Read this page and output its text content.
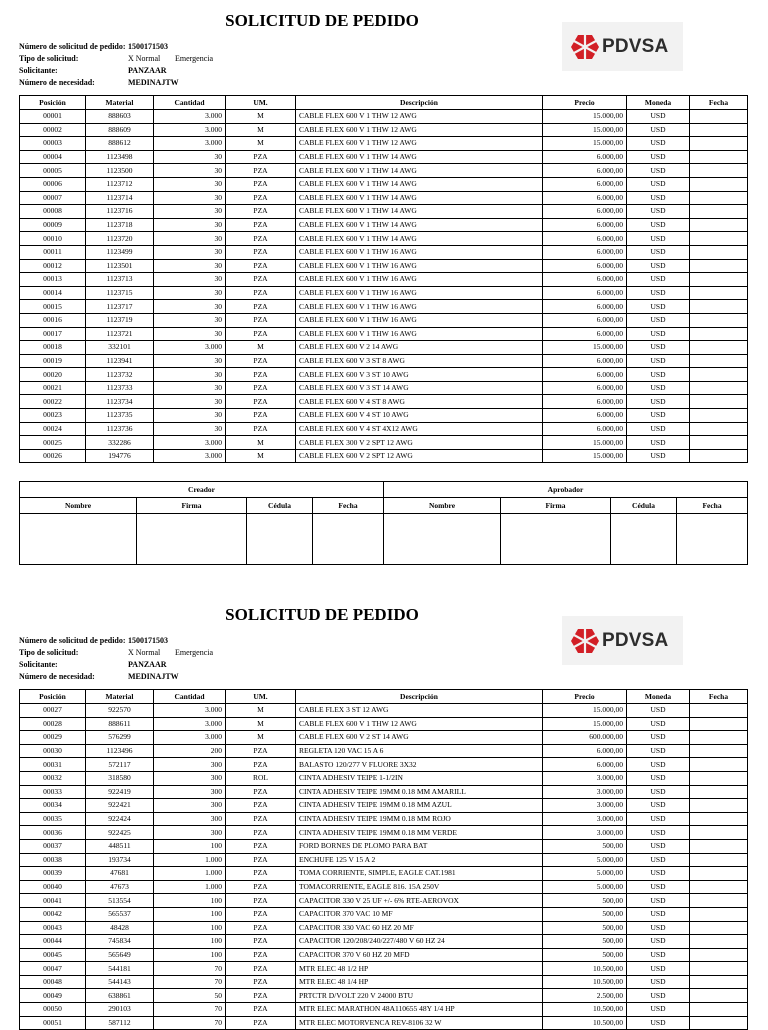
SOLICITUD DE PEDIDO
PDVSA
Número de solicitud de pedido: 1500171503
Tipo de solicitud:	X Normal Emergencia
Solicitante:	PANZAAR
Número de necesidad:	MEDINAJTW
Posición	Material	Cantidad	UM.	Descripción	Precio	Moneda	Fecha
00001	888603	3.000	M	CABLE FLEX 600 V 1 THW 12 AWG	15.000,00	USD	
00002	888609	3.000	M	CABLE FLEX 600 V 1 THW 12 AWG	15.000,00	USD	
00003	888612	3.000	M	CABLE FLEX 600 V 1 THW 12 AWG	15.000,00	USD	
00004	1123498	30	PZA	CABLE FLEX 600 V 1 THW 14 AWG	6.000,00	USD	
00005	1123500	30	PZA	CABLE FLEX 600 V 1 THW 14 AWG	6.000,00	USD	
00006	1123712	30	PZA	CABLE FLEX 600 V 1 THW 14 AWG	6.000,00	USD	
00007	1123714	30	PZA	CABLE FLEX 600 V 1 THW 14 AWG	6.000,00	USD	
00008	1123716	30	PZA	CABLE FLEX 600 V 1 THW 14 AWG	6.000,00	USD	
00009	1123718	30	PZA	CABLE FLEX 600 V 1 THW 14 AWG	6.000,00	USD	
00010	1123720	30	PZA	CABLE FLEX 600 V 1 THW 14 AWG	6.000,00	USD	
00011	1123499	30	PZA	CABLE FLEX 600 V 1 THW 16 AWG	6.000,00	USD	
00012	1123501	30	PZA	CABLE FLEX 600 V 1 THW 16 AWG	6.000,00	USD	
00013	1123713	30	PZA	CABLE FLEX 600 V 1 THW 16 AWG	6.000,00	USD	
00014	1123715	30	PZA	CABLE FLEX 600 V 1 THW 16 AWG	6.000,00	USD	
00015	1123717	30	PZA	CABLE FLEX 600 V 1 THW 16 AWG	6.000,00	USD	
00016	1123719	30	PZA	CABLE FLEX 600 V 1 THW 16 AWG	6.000,00	USD	
00017	1123721	30	PZA	CABLE FLEX 600 V 1 THW 16 AWG	6.000,00	USD	
00018	332101	3.000	M	CABLE FLEX 600 V 2 14 AWG	15.000,00	USD	
00019	1123941	30	PZA	CABLE FLEX 600 V 3 ST 8 AWG	6.000,00	USD	
00020	1123732	30	PZA	CABLE FLEX 600 V 3 ST 10 AWG	6.000,00	USD	
00021	1123733	30	PZA	CABLE FLEX 600 V 3 ST 14 AWG	6.000,00	USD	
00022	1123734	30	PZA	CABLE FLEX 600 V 4 ST 8 AWG	6.000,00	USD	
00023	1123735	30	PZA	CABLE FLEX 600 V 4 ST 10 AWG	6.000,00	USD	
00024	1123736	30	PZA	CABLE FLEX 600 V 4 ST 4X12 AWG	6.000,00	USD	
00025	332286	3.000	M	CABLE FLEX 300 V 2 SPT 12 AWG	15.000,00	USD	
00026	194776	3.000	M	CABLE FLEX 600 V 2 SPT 12 AWG	15.000,00	USD	
Creador				Aprobador			
Nombre	Firma	Cédula	Fecha	Nombre	Firma	Cédula	Fecha

SOLICITUD DE PEDIDO
PDVSA
Número de solicitud de pedido: 1500171503
Tipo de solicitud:	X Normal Emergencia
Solicitante:	PANZAAR
Número de necesidad:	MEDINAJTW
Posición	Material	Cantidad	UM.	Descripción	Precio	Moneda	Fecha
00027	922570	3.000	M	CABLE FLEX 3 ST 12 AWG	15.000,00	USD	
00028	888611	3.000	M	CABLE FLEX 600 V 1 THW 12 AWG	15.000,00	USD	
00029	576299	3.000	M	CABLE FLEX 600 V 2 ST 14 AWG	600.000,00	USD	
00030	1123496	200	PZA	REGLETA 120 VAC 15 A 6	6.000,00	USD	
00031	572117	300	PZA	BALASTO 120/277 V FLUORE 3X32	6.000,00	USD	
00032	318580	300	ROL	CINTA ADHESIV TEIPE 1-1/2IN	3.000,00	USD	
00033	922419	300	PZA	CINTA ADHESIV TEIPE 19MM 0.18 MM AMARILL	3.000,00	USD	
00034	922421	300	PZA	CINTA ADHESIV TEIPE 19MM 0.18 MM AZUL	3.000,00	USD	
00035	922424	300	PZA	CINTA ADHESIV TEIPE 19MM 0.18 MM ROJO	3.000,00	USD	
00036	922425	300	PZA	CINTA ADHESIV TEIPE 19MM 0.18 MM VERDE	3.000,00	USD	
00037	448511	100	PZA	FORD BORNES DE PLOMO PARA BAT	500,00	USD	
00038	193734	1.000	PZA	ENCHUFE 125 V 15 A 2	5.000,00	USD	
00039	47681	1.000	PZA	TOMA CORRIENTE, SIMPLE, EAGLE CAT.1981	5.000,00	USD	
00040	47673	1.000	PZA	TOMACORRIENTE, EAGLE 816. 15A 250V	5.000,00	USD	
00041	513554	100	PZA	CAPACITOR 330 V 25 UF +/- 6% RTE-AEROVOX	500,00	USD	
00042	565537	100	PZA	CAPACITOR 370 VAC 10 MF	500,00	USD	
00043	48428	100	PZA	CAPACITOR 330 VAC 60 HZ 20 MF	500,00	USD	
00044	745834	100	PZA	CAPACITOR 120/208/240/227/480 V 60 HZ 24	500,00	USD	
00045	565649	100	PZA	CAPACITOR 370 V 60 HZ 20 MFD	500,00	USD	
00047	544181	70	PZA	MTR ELEC 48 1/2 HP	10.500,00	USD	
00048	544143	70	PZA	MTR ELEC 48 1/4 HP	10.500,00	USD	
00049	638861	50	PZA	PRTCTR D/VOLT 220 V 24000 BTU	2.500,00	USD	
00050	290103	70	PZA	MTR ELEC MARATHON 48A110655 48Y 1/4 HP	10.500,00	USD	
00051	587112	70	PZA	MTR ELEC MOTORVENCA REV-8106 32 W	10.500,00	USD	
